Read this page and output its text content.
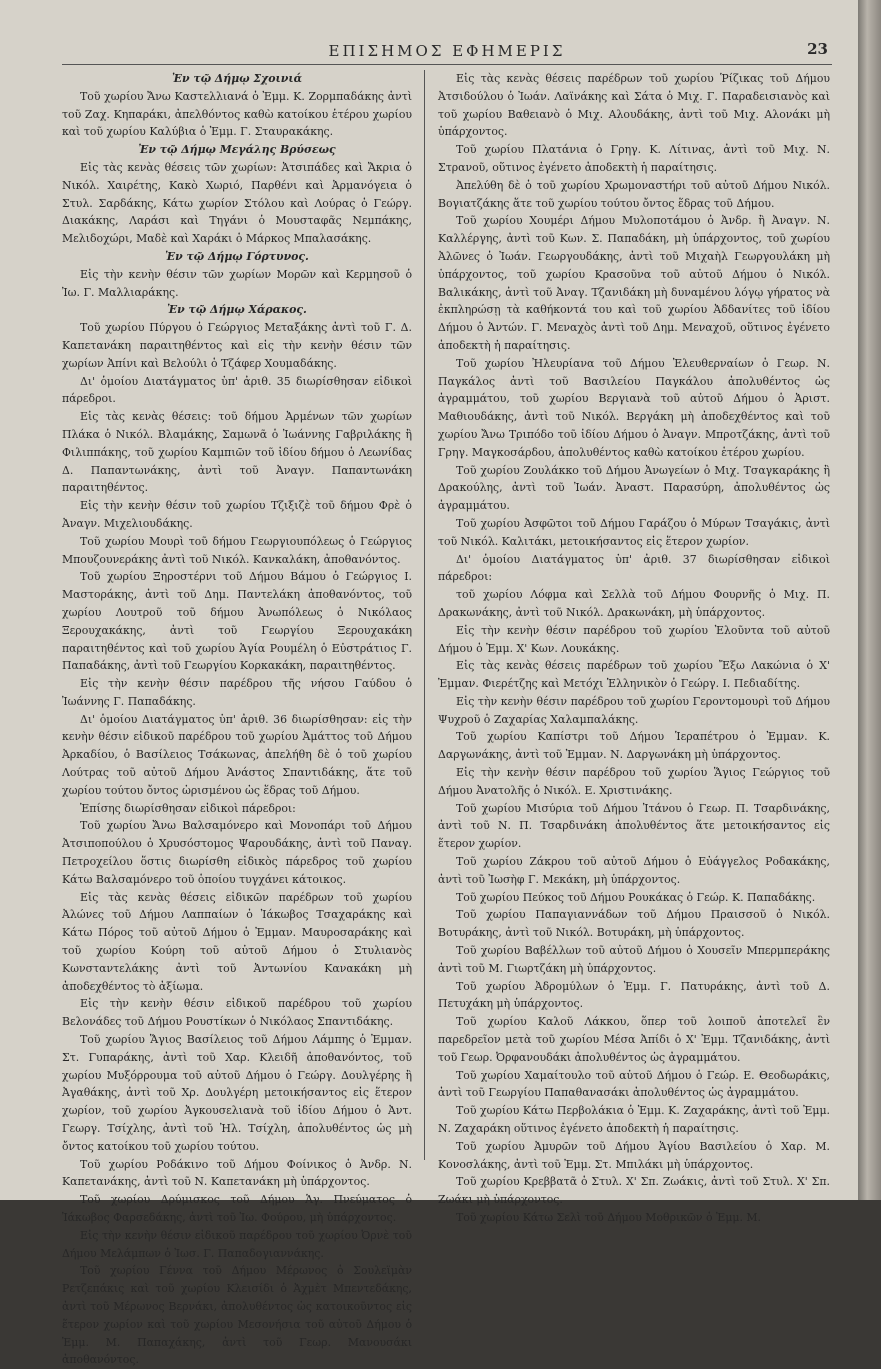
ΕΠΙΣΗΜΟΣ ΕΦΗΜΕΡΙΣ	23
Ἐν τῷ Δήμῳ Σχοινιά

Τοῦ χωρίου Ἄνω Καστελλιανά ὁ Ἐμμ. Κ. Ζορμπαδάκης ἀντὶ τοῦ Ζαχ. Κηπαράκι, ἀπελθόντος καθὼ κατοίκου ἑτέρου χωρίου καὶ τοῦ χωρίου Καλύβια ὁ Ἐμμ. Γ. Σταυρακάκης.

Ἐν τῷ Δήμῳ Μεγάλης Βρύσεως

Εἰς τὰς κενὰς θέσεις τῶν χωρίων: Ἀτσιπάδες καὶ Ἄκρια ὁ Νικόλ. Χαιρέτης, Κακὸ Χωριό, Παρθένι καὶ Ἀρμανόγεια ὁ Στυλ. Σαρδάκης, Κάτω χωρίον Στόλου καὶ Λούρας ὁ Γεώργ. Διακάκης, Λαράσι καὶ Τηγάνι ὁ Μουσταφᾶς Νεμπάκης, Μελιδοχώρι, Μαδὲ καὶ Χαράκι ὁ Μάρκος Μπαλασάκης.

Ἐν τῷ Δήμῳ Γόρτυνος.

Εἰς τὴν κενὴν θέσιν τῶν χωρίων Μορῶν καὶ Κερμησοῦ ὁ Ἰω. Γ. Μαλλιαράκης.

Ἐν τῷ Δήμῳ Χάρακος.

Τοῦ χωρίου Πύργου ὁ Γεώργιος Μεταξάκης ἀντὶ τοῦ Γ. Δ. Καπετανάκη παραιτηθέντος καὶ εἰς τὴν κενὴν θέσιν τῶν χωρίων Ἀπίνι καὶ Βελούλι ὁ Τζάφερ Χουμαδάκης.

Δι' ὁμοίου Διατάγματος ὑπ' ἀριθ. 35 διωρίσθησαν εἰδικοὶ πάρεδροι.

Εἰς τὰς κενὰς θέσεις: τοῦ δήμου Ἀρμένων τῶν χωρίων Πλάκα ὁ Νικόλ. Βλαμάκης, Σαμωνᾶ ὁ Ἰωάννης Γαβριλάκης ἢ Φιλιππάκης, τοῦ χωρίου Καμπιῶν τοῦ ἰδίου δήμου ὁ Λεωνίδας Δ. Παπαντωνάκης, ἀντὶ τοῦ Ἀναγν. Παπαντωνάκη παραιτηθέντος.

Εἰς τὴν κενὴν θέσιν τοῦ χωρίου Τζιξιζὲ τοῦ δήμου Φρὲ ὁ Ἀναγν. Μιχελιουδάκης.

Τοῦ χωρίου Μουρὶ τοῦ δήμου Γεωργιουπόλεως ὁ Γεώργιος Μπουζουνεράκης ἀντὶ τοῦ Νικόλ. Κανκαλάκη, ἀποθανόντος.

Τοῦ χωρίου Ξηροστέρνι τοῦ Δήμου Βάμου ὁ Γεώργιος Ι. Μαστοράκης, ἀντὶ τοῦ Δημ. Παντελάκη ἀποθανόντος, τοῦ χωρίου Λουτροῦ τοῦ δήμου Ἀνωπόλεως ὁ Νικόλαος Ξερουχακάκης, ἀντὶ τοῦ Γεωργίου Ξερουχακάκη παραιτηθέντος καὶ τοῦ χωρίου Ἁγία Ρουμέλη ὁ Εὐστράτιος Γ. Παπαδάκης, ἀντὶ τοῦ Γεωργίου Κορκακάκη, παραιτηθέντος.

Εἰς τὴν κενὴν θέσιν παρέδρου τῆς νήσου Γαύδου ὁ Ἰωάννης Γ. Παπαδάκης.

Δι' ὁμοίου Διατάγματος ὑπ' ἀριθ. 36 διωρίσθησαν: εἰς τὴν κενὴν θέσιν εἰδικοῦ παρέδρου τοῦ χωρίου Ἀμάττος τοῦ Δήμου Ἀρκαδίου, ὁ Βασίλειος Τσάκωνας, ἀπελήθη δὲ ὁ τοῦ χωρίου Λούτρας τοῦ αὐτοῦ Δήμου Ἀνάστος Σπαντιδάκης, ἅτε τοῦ χωρίου τούτου ὄντος ὡρισμένου ὡς ἕδρας τοῦ Δήμου.

Ἐπίσης διωρίσθησαν εἰδικοὶ πάρεδροι:

Τοῦ χωρίου Ἄνω Βαλσαμόνερο καὶ Μονοπάρι τοῦ Δήμου Ἀτσιποπούλου ὁ Χρυσόστομος Ψαρουδάκης, ἀντὶ τοῦ Παναγ. Πετροχείλου ὅστις διωρίσθη εἰδικὸς πάρεδρος τοῦ χωρίου Κάτω Βαλσαμόνερο τοῦ ὁποίου τυγχάνει κάτοικος.

Εἰς τὰς κενὰς θέσεις εἰδικῶν παρέδρων τοῦ χωρίου Ἀλώνες τοῦ Δήμου Λαππαίων ὁ Ἰάκωβος Τσαχαράκης καὶ Κάτω Πόρος τοῦ αὐτοῦ Δήμου ὁ Ἐμμαν. Μαυροσαράκης καὶ τοῦ χωρίου Κούρη τοῦ αὐτοῦ Δήμου ὁ Στυλιανὸς Κωνσταντελάκης ἀντὶ τοῦ Ἀντωνίου Κανακάκη μὴ ἀποδεχθέντος τὸ ἀξίωμα.

Εἰς τὴν κενὴν θέσιν εἰδικοῦ παρέδρου τοῦ χωρίου Βελονάδες τοῦ Δήμου Ρουστίκων ὁ Νικόλαος Σπαντιδάκης.

Τοῦ χωρίου Ἅγιος Βασίλειος τοῦ Δήμου Λάμπης ὁ Ἐμμαν. Στ. Γυπαράκης, ἀντὶ τοῦ Χαρ. Κλειδῆ ἀποθανόντος, τοῦ χωρίου Μυξόρρουμα τοῦ αὐτοῦ Δήμου ὁ Γεώργ. Δουλγέρης ἢ Ἀγαθάκης, ἀντὶ τοῦ Χρ. Δουλγέρη μετοικήσαντος εἰς ἕτερον χωρίον, τοῦ χωρίου Ἀγκουσελιανὰ τοῦ ἰδίου Δήμου ὁ Ἀντ. Γεωργ. Τσίχλης, ἀντὶ τοῦ Ἠλ. Τσίχλη, ἀπολυθέντος ὡς μὴ ὄντος κατοίκου τοῦ χωρίου τούτου.

Τοῦ χωρίου Ροδάκινο τοῦ Δήμου Φοίνικος ὁ Ἀνδρ. Ν. Καπετανάκης, ἀντὶ τοῦ Ν. Καπετανάκη μὴ ὑπάρχοντος.

Τοῦ χωρίου Δρύμισκος τοῦ Δήμου Ἁγ. Πνεύματος ὁ Ἰάκωβος Φαρσεδάκης, ἀντὶ τοῦ Ἰω. Φούρου, μὴ ὑπάρχοντος.

Εἰς τὴν κενὴν θέσιν εἰδικοῦ παρέδρου τοῦ χωρίου Ὀρνὲ τοῦ Δήμου Μελάμπων ὁ Ἰωσ. Γ. Παπαδογιαννάκης.

Τοῦ χωρίου Γέννα τοῦ Δήμου Μέρωνος ὁ Σουλεϊμὰν Ρετζεπάκις καὶ τοῦ χωρίου Κλεισίδι ὁ Ἀχμὲτ Μπεντεδάκης, ἀντὶ τοῦ Μέρωνος Βερνάκι, ἀπολυθέντος ὡς κατοικοῦντος εἰς ἕτερον χωρίον καὶ τοῦ χωρίου Μεσονήσια τοῦ αὐτοῦ Δήμου ὁ Ἐμμ. Μ. Παπαχάκης, ἀντὶ τοῦ Γεωρ. Μανουσάκι ἀποθανόντος.

Εἰς τὰς κενὰς θέσεις παρέδρων τοῦ χωρίου Ῥίζικας τοῦ Δήμου Ἀτσιδούλου ὁ Ἰωάν. Λαϊνάκης καὶ Σάτα ὁ Μιχ. Γ. Παραδεισιανὸς καὶ τοῦ χωρίου Βαθειανὸ ὁ Μιχ. Αλουδάκης, ἀντὶ τοῦ Μιχ. Αλονάκι μὴ ὑπάρχοντος.

Τοῦ χωρίου Πλατάνια ὁ Γρηγ. Κ. Λίτινας, ἀντὶ τοῦ Μιχ. Ν. Στρανοῦ, οὕτινος ἐγένετο ἀποδεκτὴ ἡ παραίτησις.

Ἀπελύθη δὲ ὁ τοῦ χωρίου Χρωμοναστήρι τοῦ αὐτοῦ Δήμου Νικόλ. Βογιατζάκης ἅτε τοῦ χωρίου τούτου ὄντος ἕδρας τοῦ Δήμου.

Τοῦ χωρίου Χουμέρι Δήμου Μυλοποτάμου ὁ Ἀνδρ. ἢ Ἀναγν. Ν. Καλλέργης, ἀντὶ τοῦ Κων. Σ. Παπαδάκη, μὴ ὑπάρχοντος, τοῦ χωρίου Ἀλῶνες ὁ Ἰωάν. Γεωργουδάκης, ἀντὶ τοῦ Μιχαὴλ Γεωργουλάκη μὴ ὑπάρχοντος, τοῦ χωρίου Κρασοῦνα τοῦ αὐτοῦ Δήμου ὁ Νικόλ. Βαλικάκης, ἀντὶ τοῦ Ἀναγ. Τζανιδάκη μὴ δυναμένου λόγῳ γήρατος νὰ ἐκπληρώσῃ τὰ καθήκοντά του καὶ τοῦ χωρίου Ἀδδανίτες τοῦ ἰδίου Δήμου ὁ Ἀντών. Γ. Μεναχὸς ἀντὶ τοῦ Δημ. Μεναχοῦ, οὕτινος ἐγένετο ἀποδεκτὴ ἡ παραίτησις.

Τοῦ χωρίου Ἠλευρίανα τοῦ Δήμου Ἐλευθερναίων ὁ Γεωρ. Ν. Παγκάλος ἀντὶ τοῦ Βασιλείου Παγκάλου ἀπολυθέντος ὡς ἀγραμμάτου, τοῦ χωρίου Βεργιανὰ τοῦ αὐτοῦ Δήμου ὁ Ἀριστ. Μαθιουδάκης, ἀντὶ τοῦ Νικόλ. Βεργάκη μὴ ἀποδεχθέντος καὶ τοῦ χωρίου Ἄνω Τριπόδο τοῦ ἰδίου Δήμου ὁ Ἀναγν. Μπροτζάκης, ἀντὶ τοῦ Γρηγ. Μαγκοσάρδου, ἀπολυθέντος καθὼ κατοίκου ἑτέρου χωρίου.

Τοῦ χωρίου Ζουλάκκο τοῦ Δήμου Ἀνωγείων ὁ Μιχ. Τσαγκαράκης ἢ Δρακούλης, ἀντὶ τοῦ Ἰωάν. Ἀναστ. Παρασύρη, ἀπολυθέντος ὡς ἀγραμμάτου.

Τοῦ χωρίου Ἀσφῶτοι τοῦ Δήμου Γαράζου ὁ Μύρων Τσαγάκις, ἀντὶ τοῦ Νικόλ. Καλιτάκι, μετοικήσαντος εἰς ἕτερον χωρίον.

Δι' ὁμοίου Διατάγματος ὑπ' ἀριθ. 37 διωρίσθησαν εἰδικοὶ πάρεδροι:

τοῦ χωρίου Λόφμα καὶ Σελλὰ τοῦ Δήμου Φουρνῆς ὁ Μιχ. Π. Δρακωνάκης, ἀντὶ τοῦ Νικόλ. Δρακωνάκη, μὴ ὑπάρχοντος.

Εἰς τὴν κενὴν θέσιν παρέδρου τοῦ χωρίου Ἐλοῦντα τοῦ αὐτοῦ Δήμου ὁ Ἐμμ. Χ' Κων. Λουκάκης.

Εἰς τὰς κενὰς θέσεις παρέδρων τοῦ χωρίου Ἔξω Λακώνια ὁ Χ' Ἐμμαν. Φιερέτζης καὶ Μετόχι Ἑλληνικὸν ὁ Γεώργ. Ι. Πεδιαδίτης.

Εἰς τὴν κενὴν θέσιν παρέδρου τοῦ χωρίου Γεροντομουρὶ τοῦ Δήμου Ψυχροῦ ὁ Ζαχαρίας Χαλαμπαλάκης.

Τοῦ χωρίου Καπίστρι τοῦ Δήμου Ἱεραπέτρου ὁ Ἐμμαν. Κ. Δαργωνάκης, ἀντὶ τοῦ Ἐμμαν. Ν. Δαργωνάκη μὴ ὑπάρχοντος.

Εἰς τὴν κενὴν θέσιν παρέδρου τοῦ χωρίου Ἅγιος Γεώργιος τοῦ Δήμου Ἀνατολῆς ὁ Νικόλ. Ε. Χριστινάκης.

Τοῦ χωρίου Μισύρια τοῦ Δήμου Ἰτάνου ὁ Γεωρ. Π. Τσαρδινάκης, ἀντὶ τοῦ Ν. Π. Τσαρδινάκη ἀπολυθέντος ἅτε μετοικήσαντος εἰς ἕτερον χωρίον.

Τοῦ χωρίου Ζάκρου τοῦ αὐτοῦ Δήμου ὁ Εὐάγγελος Ροδακάκης, ἀντὶ τοῦ Ἰωσὴφ Γ. Μεκάκη, μὴ ὑπάρχοντος.

Τοῦ χωρίου Πεύκος τοῦ Δήμου Ρουκάκας ὁ Γεώρ. Κ. Παπαδάκης.

Τοῦ χωρίου Παπαγιαννάδων τοῦ Δήμου Πραισσοῦ ὁ Νικόλ. Βοτυράκης, ἀντὶ τοῦ Νικόλ. Βοτυράκη, μὴ ὑπάρχοντος.

Τοῦ χωρίου Βαβέλλων τοῦ αὐτοῦ Δήμου ὁ Χουσεῖν Μπερμπεράκης ἀντὶ τοῦ Μ. Γιωρτζάκη μὴ ὑπάρχοντος.

Τοῦ χωρίου Ἀδρομύλων ὁ Ἐμμ. Γ. Πατυράκης, ἀντὶ τοῦ Δ. Πετυχάκη μὴ ὑπάρχοντος.

Τοῦ χωρίου Καλοῦ Λάκκου, ὅπερ τοῦ λοιποῦ ἀποτελεῖ ἓν παρεδρεῖον μετὰ τοῦ χωρίου Μέσα Ἀπίδι ὁ Χ' Ἐμμ. Τζανιδάκης, ἀντὶ τοῦ Γεωρ. Ὀρφανουδάκι ἀπολυθέντος ὡς ἀγραμμάτου.

Τοῦ χωρίου Χαμαίτουλο τοῦ αὐτοῦ Δήμου ὁ Γεώρ. Ε. Θεοδωράκις, ἀντὶ τοῦ Γεωργίου Παπαθανασάκι ἀπολυθέντος ὡς ἀγραμμάτου.

Τοῦ χωρίου Κάτω Περβολάκια ὁ Ἐμμ. Κ. Ζαχαράκης, ἀντὶ τοῦ Ἐμμ. Ν. Ζαχαράκη οὕτινος ἐγένετο ἀποδεκτὴ ἡ παραίτησις.

Τοῦ χωρίου Ἀμυρῶν τοῦ Δήμου Ἁγίου Βασιλείου ὁ Χαρ. Μ. Κονοσλάκης, ἀντὶ τοῦ Ἐμμ. Στ. Μπιλάκι μὴ ὑπάρχοντος.

Τοῦ χωρίου Κρεββατᾶ ὁ Στυλ. Χ' Σπ. Ζωάκις, ἀντὶ τοῦ Στυλ. Χ' Σπ. Ζωάκι μὴ ὑπάρχοντος.

Τοῦ χωρίου Κάτω Σελὶ τοῦ Δήμου Μοθρικῶν ὁ Ἐμμ. Μ.
